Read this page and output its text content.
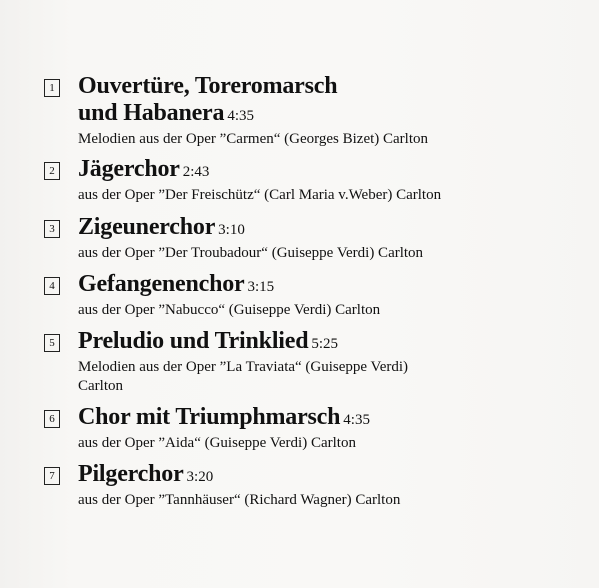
1 Ouvertüre, Toreromarsch
und Habanera 4:35
Melodien aus der Oper ”Carmen“ (Georges Bizet) Carlton
2 Jägerchor 2:43
aus der Oper ”Der Freischütz“ (Carl Maria v.Weber) Carlton
3 Zigeunerchor 3:10
aus der Oper ”Der Troubadour“ (Guiseppe Verdi) Carlton
4 Gefangenenchor 3:15
aus der Oper ”Nabucco“ (Guiseppe Verdi) Carlton
5 Preludio und Trinklied 5:25
Melodien aus der Oper ”La Traviata“ (Guiseppe Verdi)
Carlton
6 Chor mit Triumphmarsch 4:35
aus der Oper ”Aida“ (Guiseppe Verdi) Carlton
7 Pilgerchor 3:20
aus der Oper ”Tannhäuser“ (Richard Wagner) Carlton
